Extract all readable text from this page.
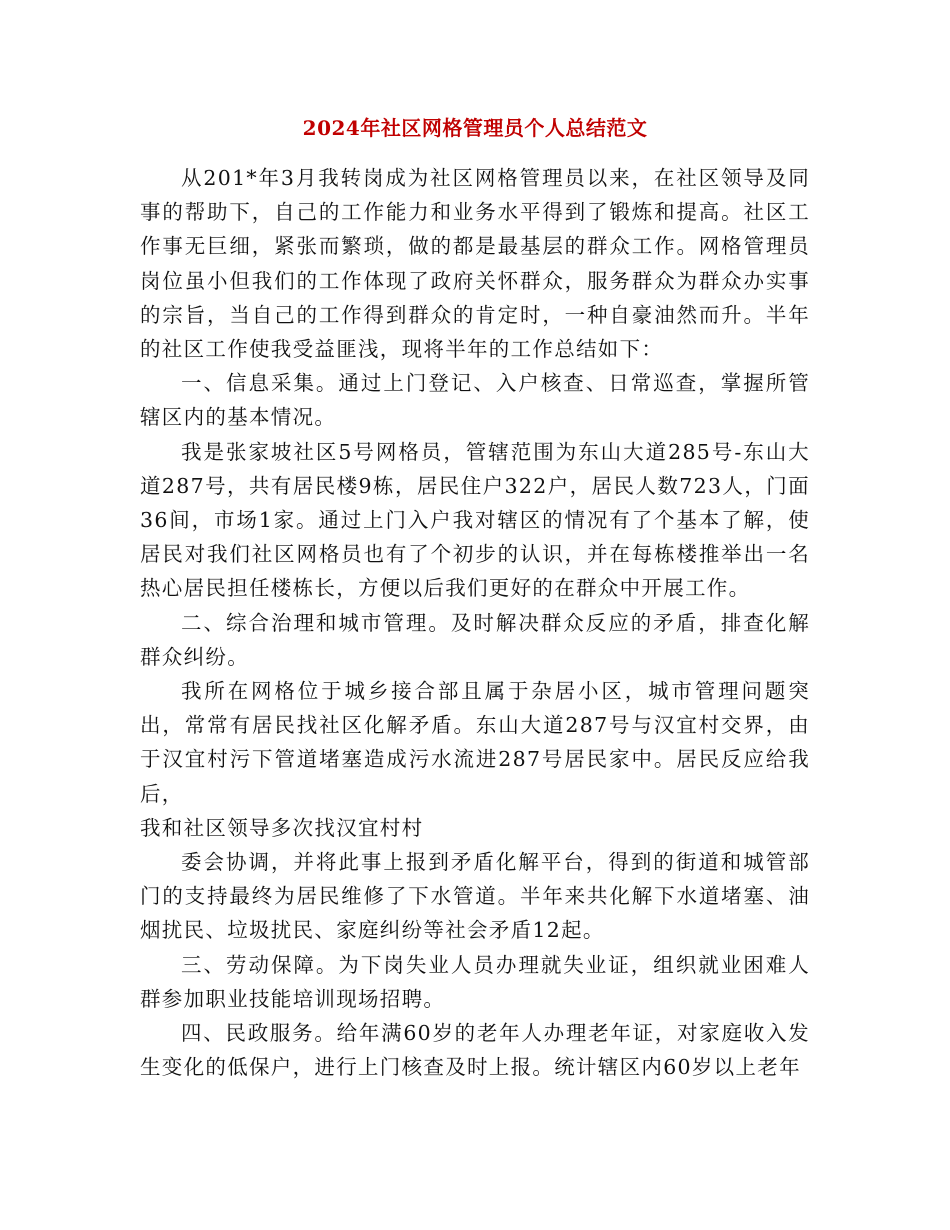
2024年社区网格管理员个人总结范文

从201*年3月我转岗成为社区网格管理员以来，在社区领导及同事的帮助下，自己的工作能力和业务水平得到了锻炼和提高。社区工作事无巨细，紧张而繁琐，做的都是最基层的群众工作。网格管理员岗位虽小但我们的工作体现了政府关怀群众，服务群众为群众办实事的宗旨，当自己的工作得到群众的肯定时，一种自豪油然而升。半年的社区工作使我受益匪浅，现将半年的工作总结如下：

一、信息采集。通过上门登记、入户核查、日常巡查，掌握所管辖区内的基本情况。

我是张家坡社区5号网格员，管辖范围为东山大道285号-东山大道287号，共有居民楼9栋，居民住户322户，居民人数723人，门面36间，市场1家。通过上门入户我对辖区的情况有了个基本了解，使居民对我们社区网格员也有了个初步的认识，并在每栋楼推举出一名热心居民担任楼栋长，方便以后我们更好的在群众中开展工作。

二、综合治理和城市管理。及时解决群众反应的矛盾，排查化解群众纠纷。

我所在网格位于城乡接合部且属于杂居小区，城市管理问题突出，常常有居民找社区化解矛盾。东山大道287号与汉宜村交界，由于汉宜村污下管道堵塞造成污水流进287号居民家中。居民反应给我后，

我和社区领导多次找汉宜村村

委会协调，并将此事上报到矛盾化解平台，得到的街道和城管部门的支持最终为居民维修了下水管道。半年来共化解下水道堵塞、油烟扰民、垃圾扰民、家庭纠纷等社会矛盾12起。

三、劳动保障。为下岗失业人员办理就失业证，组织就业困难人群参加职业技能培训现场招聘。

四、民政服务。给年满60岁的老年人办理老年证，对家庭收入发生变化的低保户，进行上门核查及时上报。统计辖区内60岁以上老年
